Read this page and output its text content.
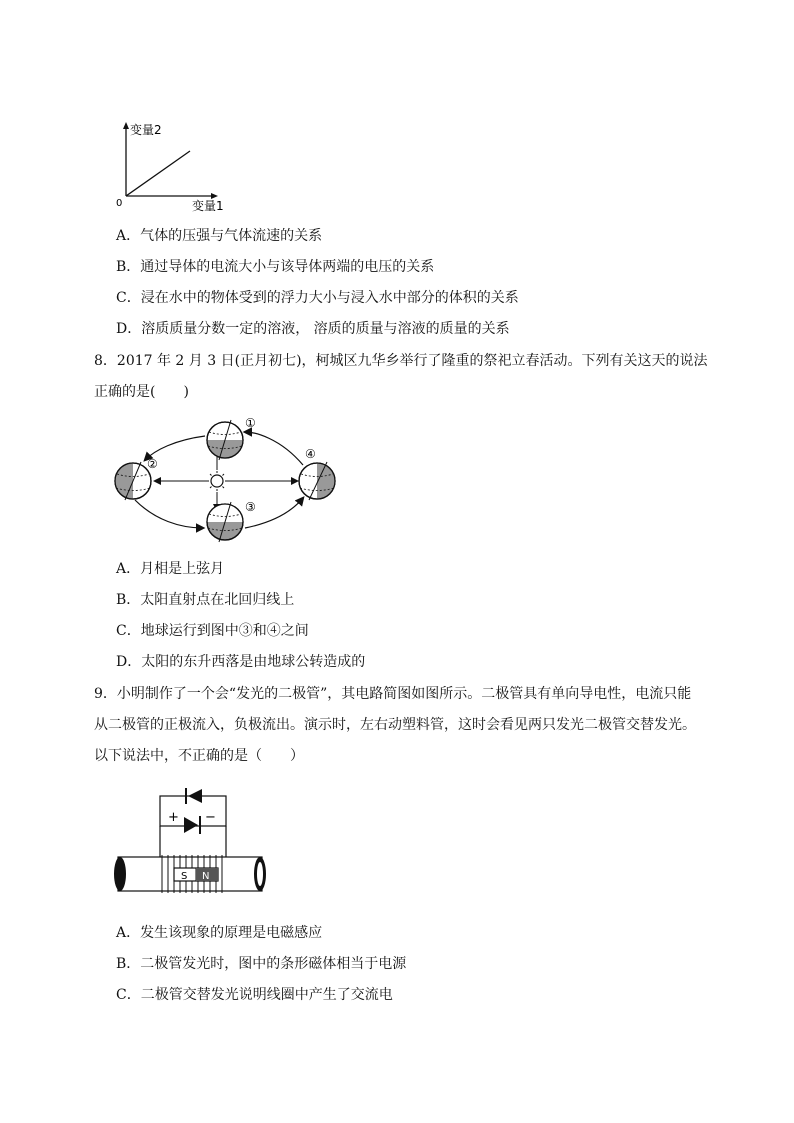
变量2
0	变量1
A．气体的压强与气体流速的关系
B．通过导体的电流大小与该导体两端的电压的关系
C．浸在水中的物体受到的浮力大小与浸入水中部分的体积的关系
D．溶质质量分数一定的溶液， 溶质的质量与溶液的质量的关系
8．2017 年 2 月 3 日(正月初七)，柯城区九华乡举行了隆重的祭祀立春活动。下列有关这天的说法
正确的是(　　)
①
②
③
④
A．月相是上弦月
B．太阳直射点在北回归线上
C．地球运行到图中③和④之间
D．太阳的东升西落是由地球公转造成的
9．小明制作了一个会“发光的二极管”，其电路简图如图所示。二极管具有单向导电性，电流只能
从二极管的正极流入，负极流出。演示时，左右动塑料管，这时会看见两只发光二极管交替发光。
以下说法中，不正确的是（　　）
+ −
S N
A．发生该现象的原理是电磁感应
B．二极管发光时，图中的条形磁体相当于电源
C．二极管交替发光说明线圈中产生了交流电
